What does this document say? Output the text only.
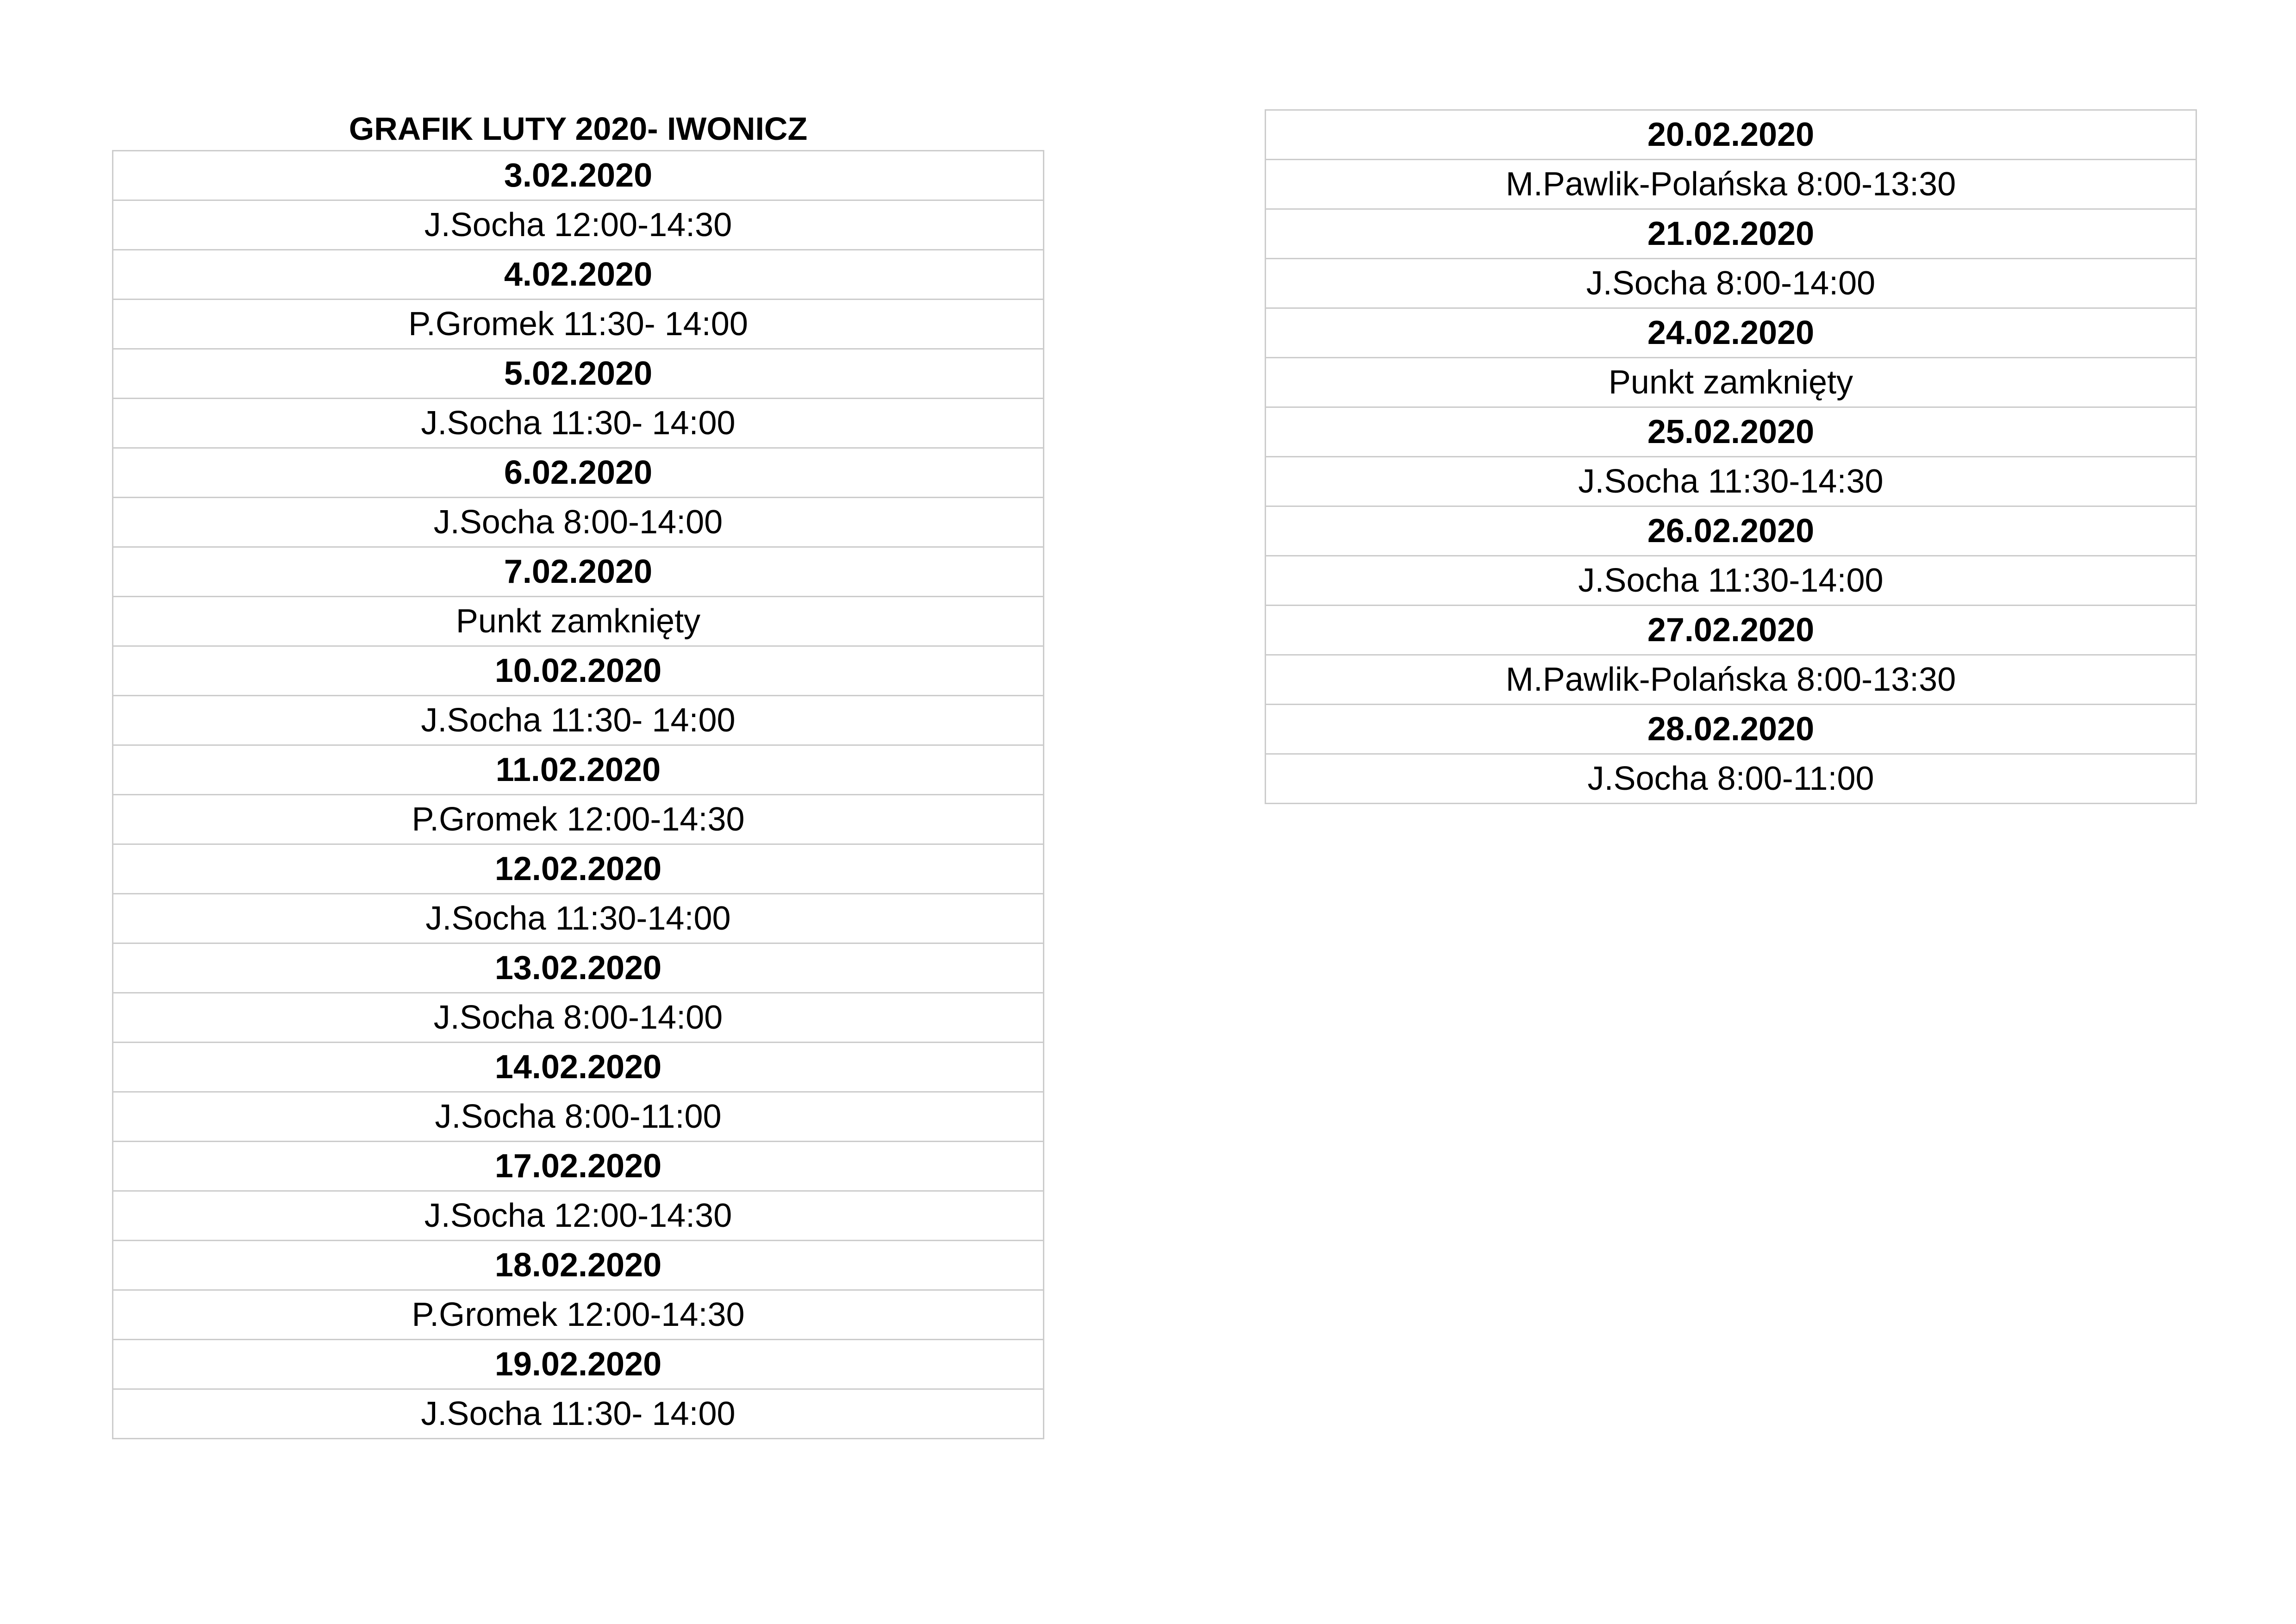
GRAFIK LUTY 2020- IWONICZ
3.02.2020
J.Socha 12:00-14:30
4.02.2020
P.Gromek 11:30- 14:00
5.02.2020
J.Socha 11:30- 14:00
6.02.2020
J.Socha 8:00-14:00
7.02.2020
Punkt zamknięty
10.02.2020
J.Socha 11:30- 14:00
11.02.2020
P.Gromek 12:00-14:30
12.02.2020
J.Socha 11:30-14:00
13.02.2020
J.Socha 8:00-14:00
14.02.2020
J.Socha 8:00-11:00
17.02.2020
J.Socha 12:00-14:30
18.02.2020
P.Gromek 12:00-14:30
19.02.2020
J.Socha 11:30- 14:00
20.02.2020
M.Pawlik-Polańska 8:00-13:30
21.02.2020
J.Socha 8:00-14:00
24.02.2020
Punkt zamknięty
25.02.2020
J.Socha 11:30-14:30
26.02.2020
J.Socha 11:30-14:00
27.02.2020
M.Pawlik-Polańska 8:00-13:30
28.02.2020
J.Socha 8:00-11:00
